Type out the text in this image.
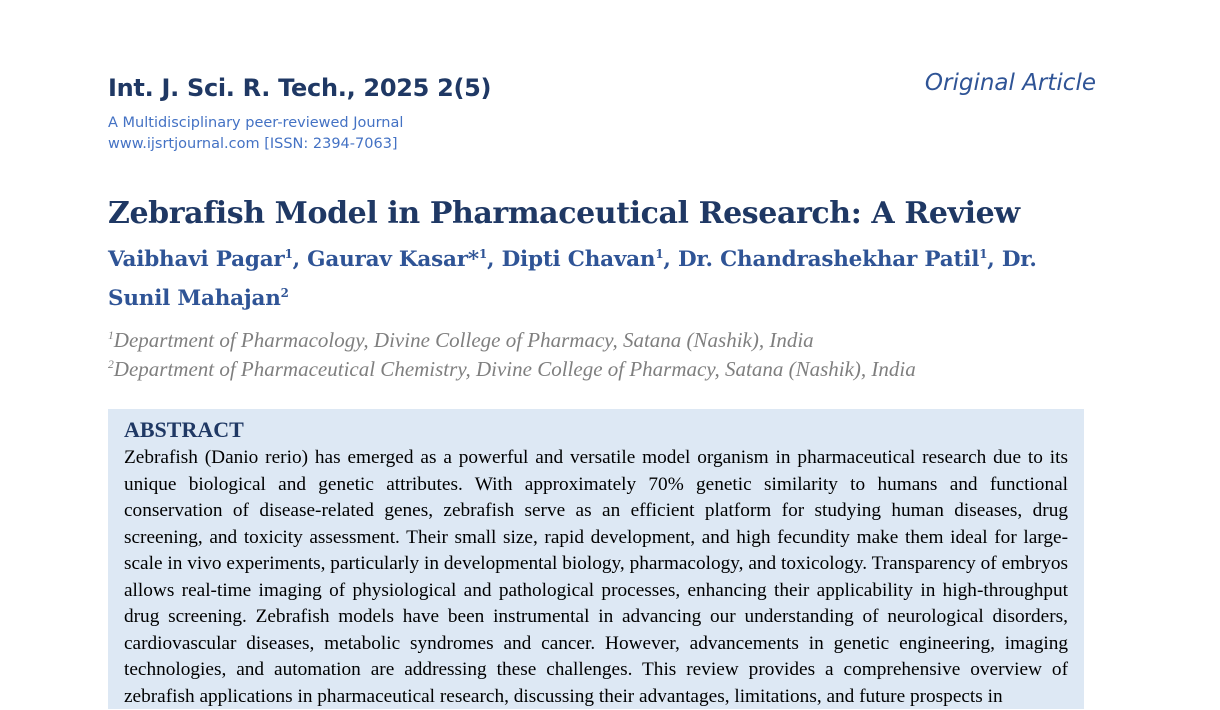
Int. J. Sci. R. Tech., 2025 2(5)	Original Article
A Multidisciplinary peer-reviewed Journal
www.ijsrtjournal.com [ISSN: 2394-7063]
Zebrafish Model in Pharmaceutical Research: A Review
Vaibhavi Pagar$^1$, Gaurav Kasar*$^1$, Dipti Chavan$^1$, Dr. Chandrashekhar Patil$^1$, Dr. Sunil Mahajan$^2$
$^1$Department of Pharmacology, Divine College of Pharmacy, Satana (Nashik), India
$^2$Department of Pharmaceutical Chemistry, Divine College of Pharmacy, Satana (Nashik), India
ABSTRACT

Zebrafish (Danio rerio) has emerged as a powerful and versatile model organism in pharmaceutical research due to its unique biological and genetic attributes. With approximately 70% genetic similarity to humans and functional conservation of disease-related genes, zebrafish serve as an efficient platform for studying human diseases, drug screening, and toxicity assessment. Their small size, rapid development, and high fecundity make them ideal for large-scale in vivo experiments, particularly in developmental biology, pharmacology, and toxicology. Transparency of embryos allows real-time imaging of physiological and pathological processes, enhancing their applicability in high-throughput drug screening. Zebrafish models have been instrumental in advancing our understanding of neurological disorders, cardiovascular diseases, metabolic syndromes and cancer. However, advancements in genetic engineering, imaging technologies, and automation are addressing these challenges. This review provides a comprehensive overview of zebrafish applications in pharmaceutical research, discussing their advantages, limitations, and future prospects in
